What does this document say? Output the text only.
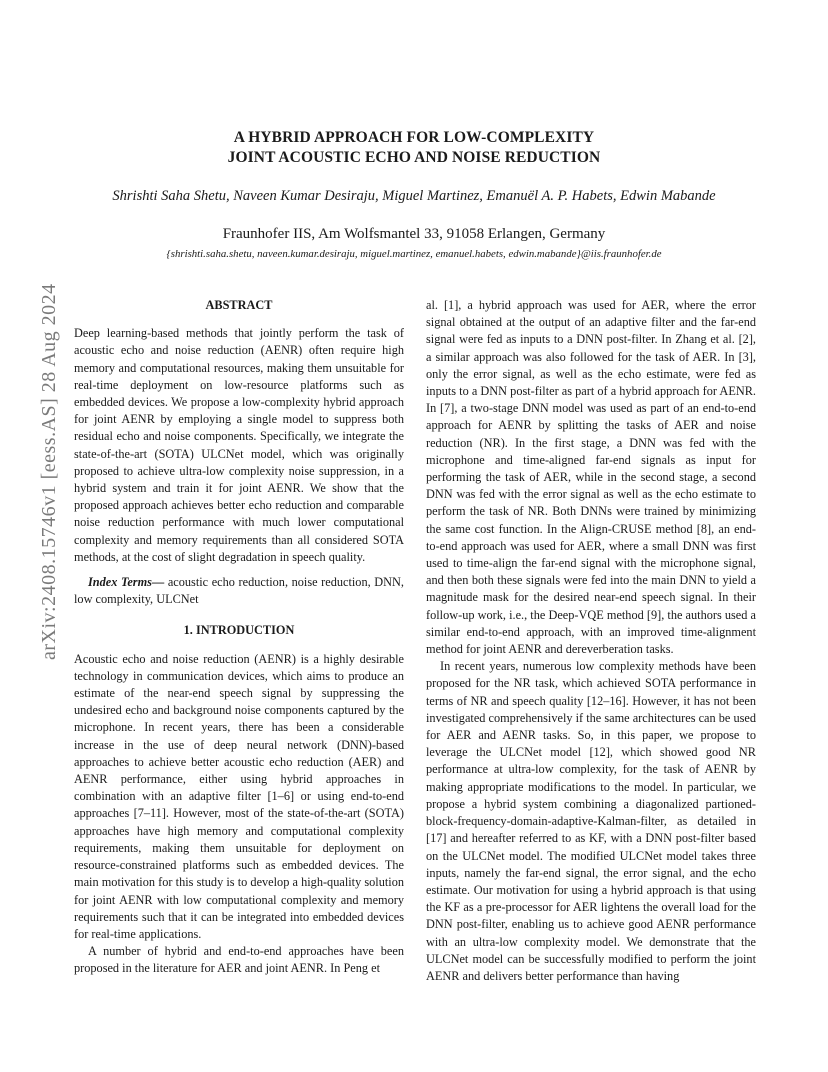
arXiv:2408.15746v1 [eess.AS] 28 Aug 2024
A HYBRID APPROACH FOR LOW-COMPLEXITY
JOINT ACOUSTIC ECHO AND NOISE REDUCTION
Shrishti Saha Shetu, Naveen Kumar Desiraju, Miguel Martinez, Emanuël A. P. Habets, Edwin Mabande
Fraunhofer IIS, Am Wolfsmantel 33, 91058 Erlangen, Germany
{shrishti.saha.shetu, naveen.kumar.desiraju, miguel.martinez, emanuel.habets, edwin.mabande}@iis.fraunhofer.de
ABSTRACT

Deep learning-based methods that jointly perform the task of acoustic echo and noise reduction (AENR) often require high memory and computational resources, making them unsuitable for real-time deployment on low-resource platforms such as embedded devices. We propose a low-complexity hybrid approach for joint AENR by employing a single model to suppress both residual echo and noise components. Specifically, we integrate the state-of-the-art (SOTA) ULCNet model, which was originally proposed to achieve ultra-low complexity noise suppression, in a hybrid system and train it for joint AENR. We show that the proposed approach achieves better echo reduction and comparable noise reduction performance with much lower computational complexity and memory requirements than all considered SOTA methods, at the cost of slight degradation in speech quality.

Index Terms— acoustic echo reduction, noise reduction, DNN, low complexity, ULCNet

1. INTRODUCTION

Acoustic echo and noise reduction (AENR) is a highly desirable technology in communication devices, which aims to produce an estimate of the near-end speech signal by suppressing the undesired echo and background noise components captured by the microphone. In recent years, there has been a considerable increase in the use of deep neural network (DNN)-based approaches to achieve better acoustic echo reduction (AER) and AENR performance, either using hybrid approaches in combination with an adaptive filter [1–6] or using end-to-end approaches [7–11]. However, most of the state-of-the-art (SOTA) approaches have high memory and computational complexity requirements, making them unsuitable for deployment on resource-constrained platforms such as embedded devices. The main motivation for this study is to develop a high-quality solution for joint AENR with low computational complexity and memory requirements such that it can be integrated into embedded devices for real-time applications.

A number of hybrid and end-to-end approaches have been proposed in the literature for AER and joint AENR. In Peng et

al. [1], a hybrid approach was used for AER, where the error signal obtained at the output of an adaptive filter and the far-end signal were fed as inputs to a DNN post-filter. In Zhang et al. [2], a similar approach was also followed for the task of AER. In [3], only the error signal, as well as the echo estimate, were fed as inputs to a DNN post-filter as part of a hybrid approach for AENR. In [7], a two-stage DNN model was used as part of an end-to-end approach for AENR by splitting the tasks of AER and noise reduction (NR). In the first stage, a DNN was fed with the microphone and time-aligned far-end signals as input for performing the task of AER, while in the second stage, a second DNN was fed with the error signal as well as the echo estimate to perform the task of NR. Both DNNs were trained by minimizing the same cost function. In the Align-CRUSE method [8], an end-to-end approach was used for AER, where a small DNN was first used to time-align the far-end signal with the microphone signal, and then both these signals were fed into the main DNN to yield a magnitude mask for the desired near-end speech signal. In their follow-up work, i.e., the Deep-VQE method [9], the authors used a similar end-to-end approach, with an improved time-alignment method for joint AENR and dereverberation tasks.

In recent years, numerous low complexity methods have been proposed for the NR task, which achieved SOTA performance in terms of NR and speech quality [12–16]. However, it has not been investigated comprehensively if the same architectures can be used for AER and AENR tasks. So, in this paper, we propose to leverage the ULCNet model [12], which showed good NR performance at ultra-low complexity, for the task of AENR by making appropriate modifications to the model. In particular, we propose a hybrid system combining a diagonalized partioned-block-frequency-domain-adaptive-Kalman-filter, as detailed in [17] and hereafter referred to as KF, with a DNN post-filter based on the ULCNet model. The modified ULCNet model takes three inputs, namely the far-end signal, the error signal, and the echo estimate. Our motivation for using a hybrid approach is that using the KF as a pre-processor for AER lightens the overall load for the DNN post-filter, enabling us to achieve good AENR performance with an ultra-low complexity model. We demonstrate that the ULCNet model can be successfully modified to perform the joint AENR and delivers better performance than having
